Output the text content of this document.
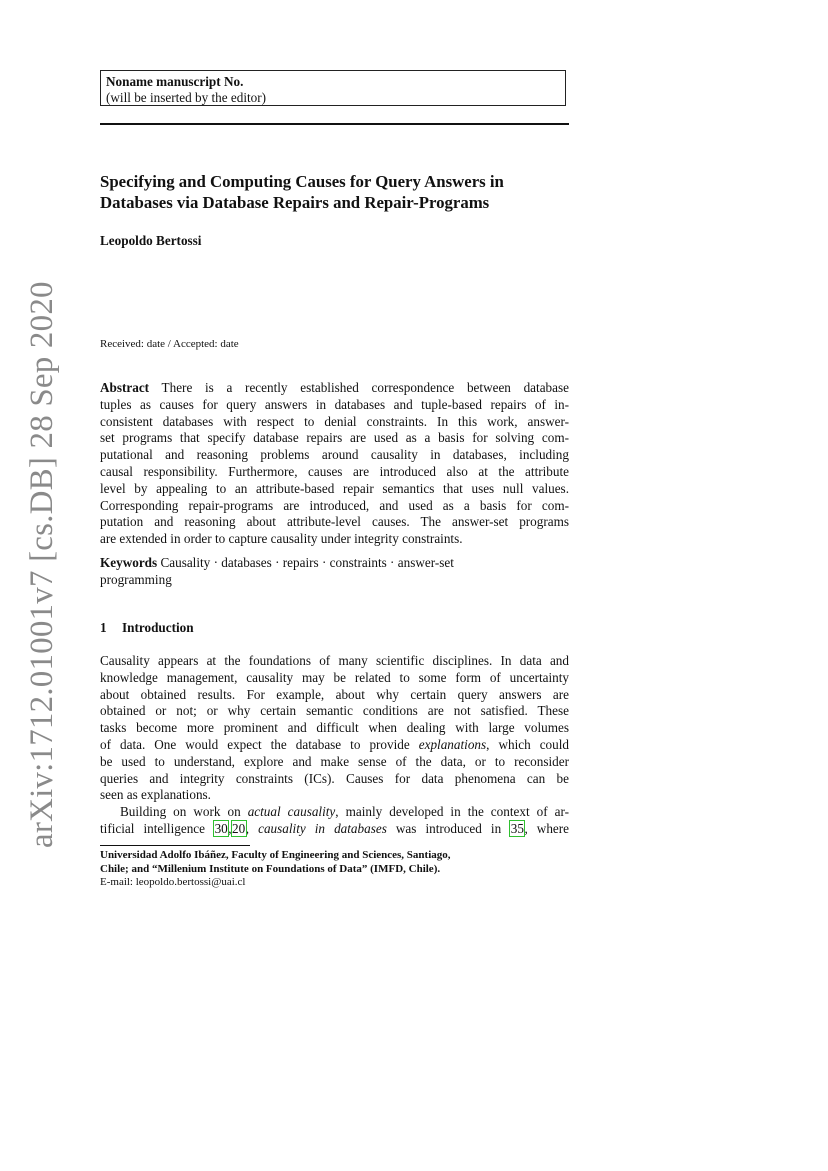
Noname manuscript No.
(will be inserted by the editor)
Specifying and Computing Causes for Query Answers in
Databases via Database Repairs and Repair-Programs
Leopoldo Bertossi
Received: date / Accepted: date
Abstract There is a recently established correspondence between database
tuples as causes for query answers in databases and tuple-based repairs of in-
consistent databases with respect to denial constraints. In this work, answer-
set programs that specify database repairs are used as a basis for solving com-
putational and reasoning problems around causality in databases, including
causal responsibility. Furthermore, causes are introduced also at the attribute
level by appealing to an attribute-based repair semantics that uses null values.
Corresponding repair-programs are introduced, and used as a basis for com-
putation and reasoning about attribute-level causes. The answer-set programs
are extended in order to capture causality under integrity constraints.
Keywords Causality · databases · repairs · constraints · answer-set
programming
1 Introduction
Causality appears at the foundations of many scientific disciplines. In data and
knowledge management, causality may be related to some form of uncertainty
about obtained results. For example, about why certain query answers are
obtained or not; or why certain semantic conditions are not satisfied. These
tasks become more prominent and difficult when dealing with large volumes
of data. One would expect the database to provide explanations, which could
be used to understand, explore and make sense of the data, or to reconsider
queries and integrity constraints (ICs). Causes for data phenomena can be
seen as explanations.
Building on work on actual causality, mainly developed in the context of ar-
tificial intelligence 30,20, causality in databases was introduced in 35, where
Universidad Adolfo Ibáñez, Faculty of Engineering and Sciences, Santiago,
Chile; and “Millenium Institute on Foundations of Data” (IMFD, Chile).
E-mail: leopoldo.bertossi@uai.cl
arXiv:1712.01001v7 [cs.DB] 28 Sep 2020
